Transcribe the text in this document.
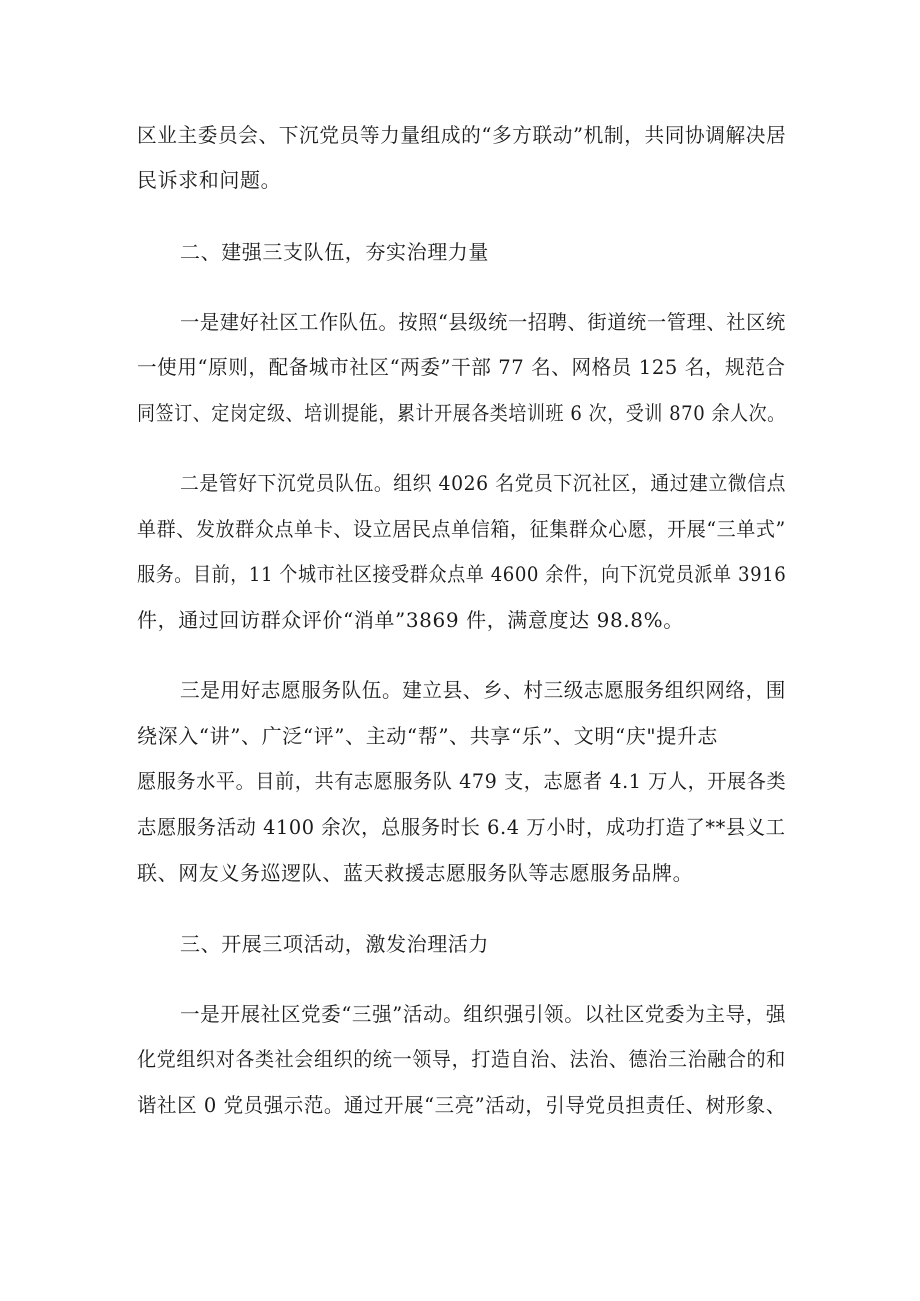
区业主委员会、下沉党员等力量组成的“多方联动”机制，共同协调解决居
民诉求和问题。
二、建强三支队伍，夯实治理力量
一是建好社区工作队伍。按照“县级统一招聘、街道统一管理、社区统
一使用“原则，配备城市社区“两委”干部 77 名、网格员 125 名，规范合
同签订、定岗定级、培训提能，累计开展各类培训班 6 次，受训 870 余人次。
二是管好下沉党员队伍。组织 4026 名党员下沉社区，通过建立微信点
单群、发放群众点单卡、设立居民点单信箱，征集群众心愿，开展“三单式”
服务。目前，11 个城市社区接受群众点单 4600 余件，向下沉党员派单 3916
件，通过回访群众评价“消单”3869 件，满意度达 98.8%。
三是用好志愿服务队伍。建立县、乡、村三级志愿服务组织网络，围
绕深入“讲”、广泛“评”、主动“帮”、共享“乐”、文明“庆"提升志
愿服务水平。目前，共有志愿服务队 479 支，志愿者 4.1 万人，开展各类
志愿服务活动 4100 余次，总服务时长 6.4 万小时，成功打造了**县义工
联、网友义务巡逻队、蓝天救援志愿服务队等志愿服务品牌。
三、开展三项活动，激发治理活力
一是开展社区党委“三强”活动。组织强引领。以社区党委为主导，强
化党组织对各类社会组织的统一领导，打造自治、法治、德治三治融合的和
谐社区 0 党员强示范。通过开展“三亮”活动，引导党员担责任、树形象、
